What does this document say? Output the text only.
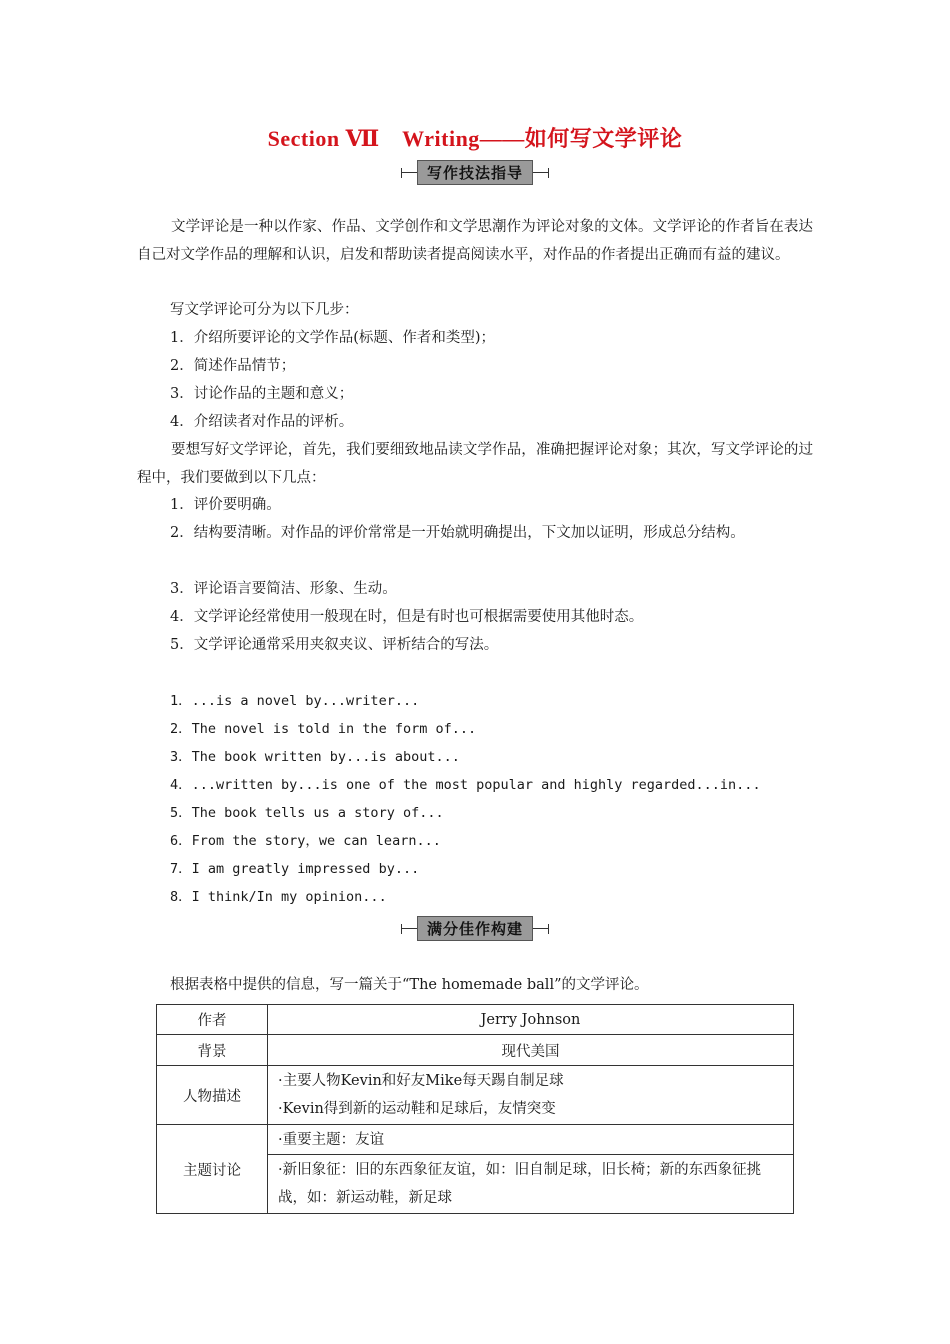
Section Ⅶ　Writing——如何写文学评论
写作技法指导
文学评论是一种以作家、作品、文学创作和文学思潮作为评论对象的文体。文学评论的作者旨在表达自己对文学作品的理解和认识，启发和帮助读者提高阅读水平，对作品的作者提出正确而有益的建议。
写文学评论可分为以下几步：
1．介绍所要评论的文学作品(标题、作者和类型)；
2．简述作品情节；
3．讨论作品的主题和意义；
4．介绍读者对作品的评析。
要想写好文学评论，首先，我们要细致地品读文学作品，准确把握评论对象；其次，写文学评论的过程中，我们要做到以下几点：
1．评价要明确。
2．结构要清晰。对作品的评价常常是一开始就明确提出，下文加以证明，形成总分结构。
3．评论语言要简洁、形象、生动。
4．文学评论经常使用一般现在时，但是有时也可根据需要使用其他时态。
5．文学评论通常采用夹叙夹议、评析结合的写法。
1．...is a novel by...writer...
2．The novel is told in the form of...
3．The book written by...is about...
4．...written by...is one of the most popular and highly regarded...in...
5．The book tells us a story of...
6．From the story，we can learn...
7．I am greatly impressed by...
8．I think/In my opinion...
满分佳作构建
根据表格中提供的信息，写一篇关于“The homemade ball”的文学评论。
作者	Jerry Johnson
背景	现代美国
人物描述	·主要人物Kevin和好友Mike每天踢自制足球
·Kevin得到新的运动鞋和足球后，友情突变

主题讨论	·重要主题：友谊
	·新旧象征：旧的东西象征友谊，如：旧自制足球，旧长椅；新的东西象征挑战，如：新运动鞋，新足球
